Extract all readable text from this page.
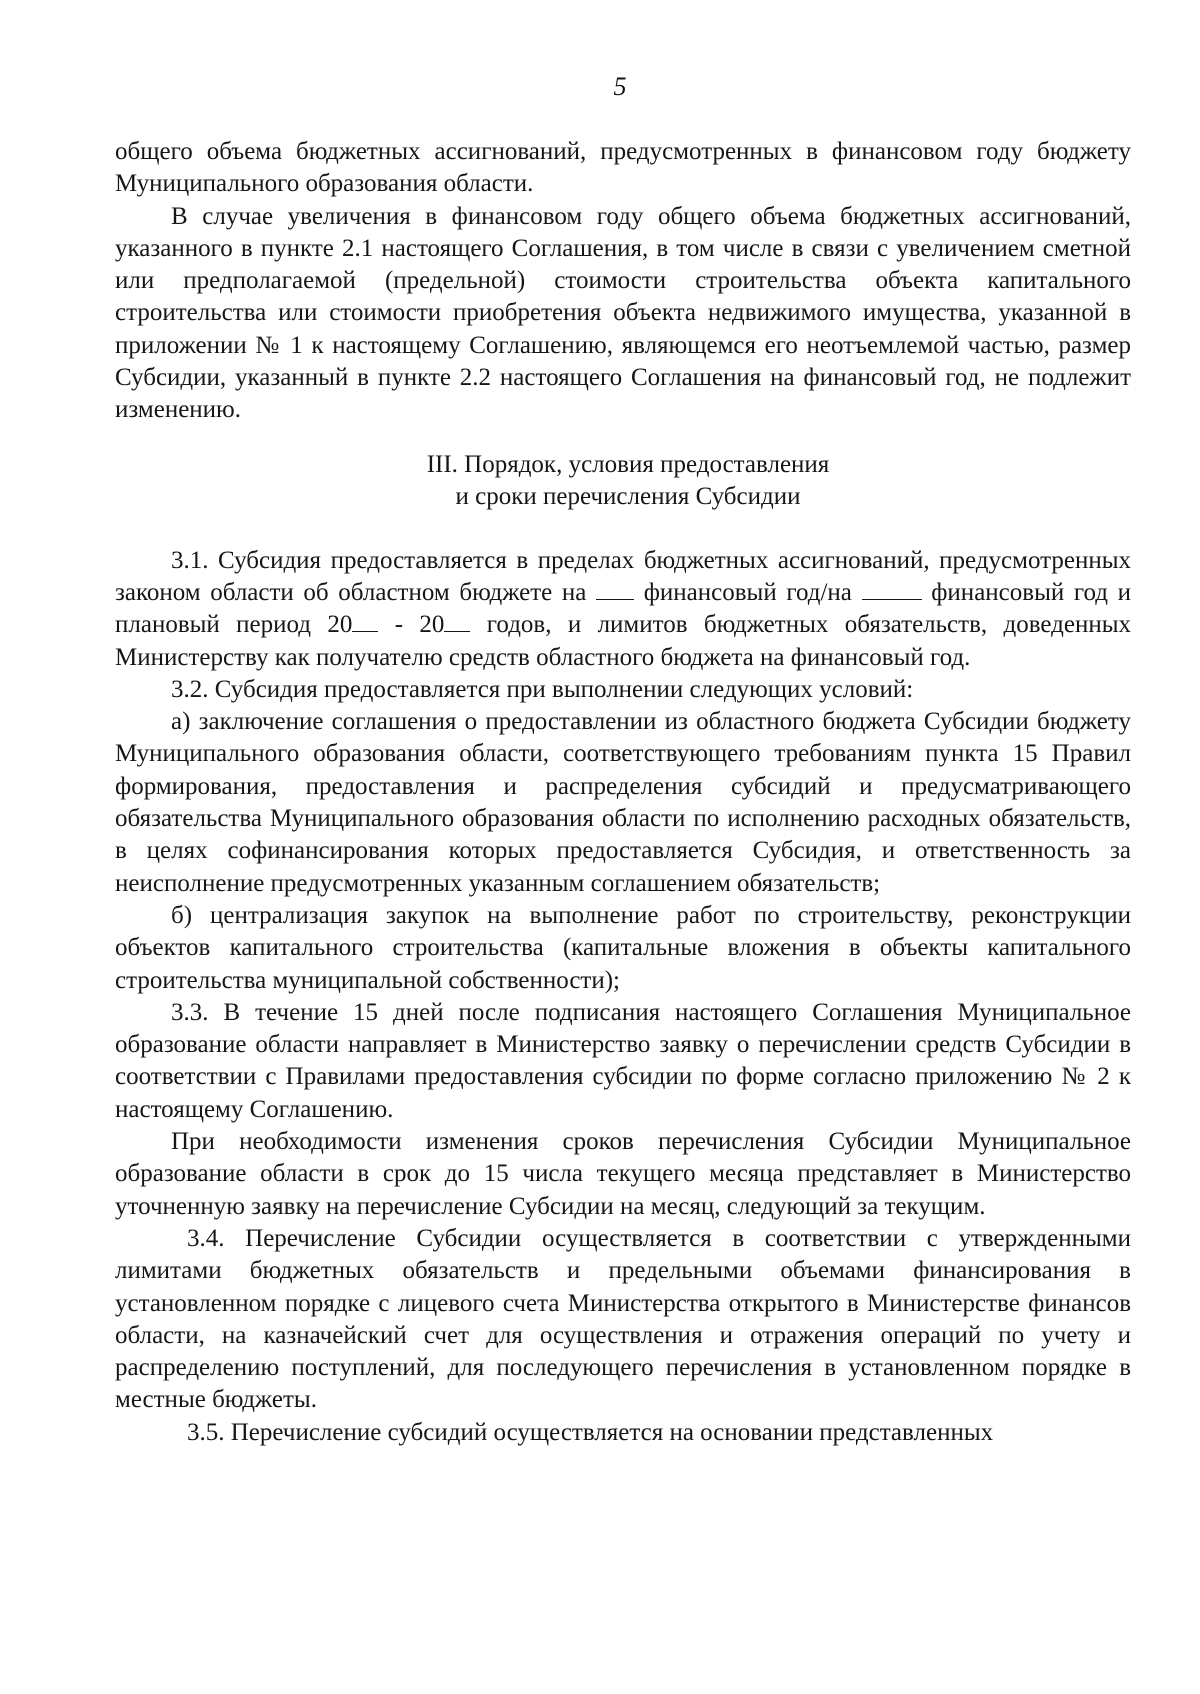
5

общего объема бюджетных ассигнований, предусмотренных в финансовом году бюджету Муниципального образования области.

В случае увеличения в финансовом году общего объема бюджетных ассигнований, указанного в пункте 2.1 настоящего Соглашения, в том числе в связи с увеличением сметной или предполагаемой (предельной) стоимости строительства объекта капитального строительства или стоимости приобретения объекта недвижимого имущества, указанной в приложении № 1 к настоящему Соглашению, являющемся его неотъемлемой частью, размер Субсидии, указанный в пункте 2.2 настоящего Соглашения на финансовый год, не подлежит изменению.

III. Порядок, условия предоставления
и сроки перечисления Субсидии

3.1. Субсидия предоставляется в пределах бюджетных ассигнований, предусмотренных законом области об областном бюджете на финансовый год/на	финансовый год и плановый период 20 - 20 годов, и лимитов бюджетных обязательств, доведенных Министерству как получателю средств областного бюджета на финансовый год.

3.2. Субсидия предоставляется при выполнении следующих условий:

а) заключение соглашения о предоставлении из областного бюджета Субсидии бюджету Муниципального образования области, соответствующего требованиям пункта 15 Правил формирования, предоставления и распределения субсидий и предусматривающего обязательства Муниципального образования области по исполнению расходных обязательств, в целях софинансирования которых предоставляется Субсидия, и ответственность за неисполнение предусмотренных указанным соглашением обязательств;

б) централизация закупок на выполнение работ по строительству, реконструкции объектов капитального строительства (капитальные вложения в объекты капитального строительства муниципальной собственности);

3.3. В течение 15 дней после подписания настоящего Соглашения Муниципальное образование области направляет в Министерство заявку о перечислении средств Субсидии в соответствии с Правилами предоставления субсидии по форме согласно приложению № 2 к настоящему Соглашению.

При необходимости изменения сроков перечисления Субсидии Муниципальное образование области в срок до 15 числа текущего месяца представляет в Министерство уточненную заявку на перечисление Субсидии на месяц, следующий за текущим.

3.4. Перечисление Субсидии осуществляется в соответствии с утвержденными лимитами бюджетных обязательств и предельными объемами финансирования в установленном порядке с лицевого счета Министерства открытого в Министерстве финансов области, на казначейский счет для осуществления и отражения операций по учету и распределению поступлений, для последующего перечисления в установленном порядке в местные бюджеты.

3.5. Перечисление субсидий осуществляется на основании представленных
